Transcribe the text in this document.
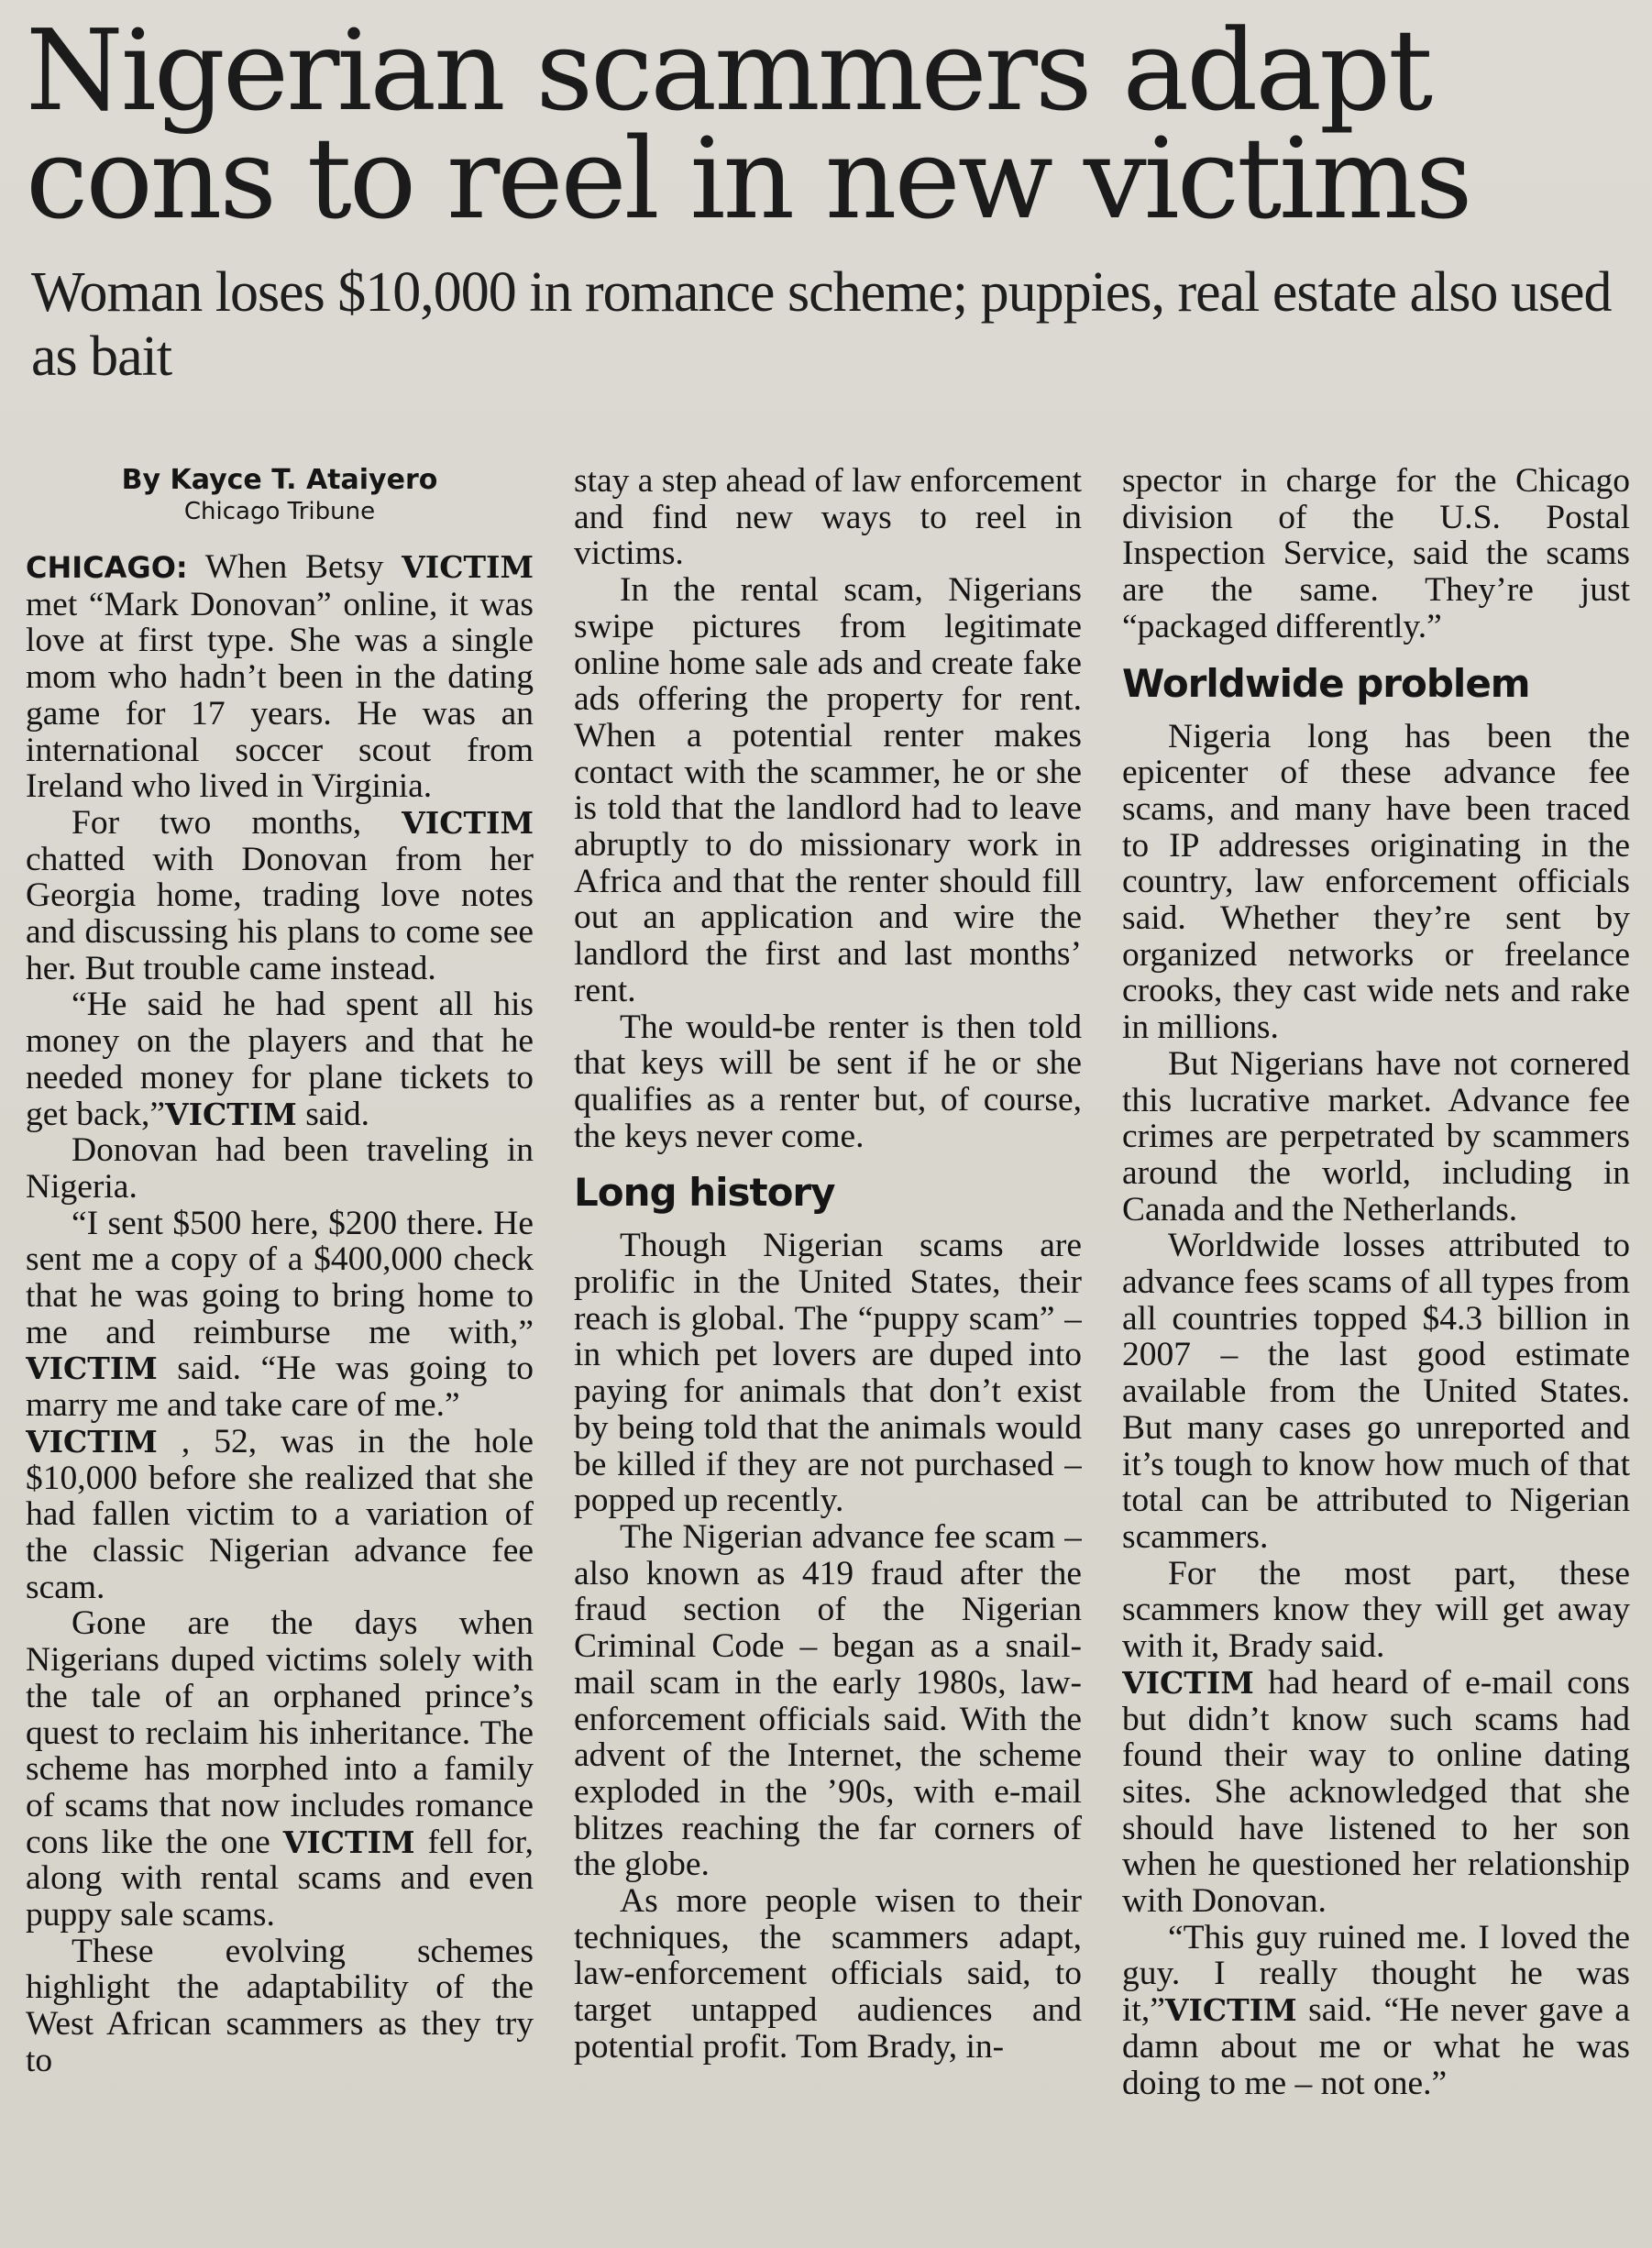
Nigerian scammers adapt cons to reel in new victims
Woman loses $10,000 in romance scheme; puppies, real estate also used as bait
By Kayce T. Ataiyero
Chicago Tribune

CHICAGO: When Betsy VICTIM met “Mark Donovan” online, it was love at first type. She was a single mom who hadn’t been in the dating game for 17 years. He was an international soccer scout from Ireland who lived in Virginia.

For two months, VICTIM chatted with Donovan from her Georgia home, trading love notes and discussing his plans to come see her. But trouble came instead.

“He said he had spent all his money on the players and that he needed money for plane tickets to get back,”VICTIM said.

Donovan had been traveling in Nigeria.

“I sent $500 here, $200 there. He sent me a copy of a $400,000 check that he was going to bring home to me and reimburse me with,” VICTIM said. “He was going to marry me and take care of me.”

VICTIM , 52, was in the hole $10,000 before she realized that she had fallen victim to a variation of the classic Nigerian advance fee scam.

Gone are the days when Nigerians duped victims solely with the tale of an orphaned prince’s quest to reclaim his inheritance. The scheme has morphed into a family of scams that now includes romance cons like the one VICTIM fell for, along with rental scams and even puppy sale scams.

These evolving schemes highlight the adaptability of the West African scammers as they try to

stay a step ahead of law enforcement and find new ways to reel in victims.

In the rental scam, Nigerians swipe pictures from legitimate online home sale ads and create fake ads offering the property for rent. When a potential renter makes contact with the scammer, he or she is told that the landlord had to leave abruptly to do missionary work in Africa and that the renter should fill out an application and wire the landlord the first and last months’ rent.

The would-be renter is then told that keys will be sent if he or she qualifies as a renter but, of course, the keys never come.

Long history

Though Nigerian scams are prolific in the United States, their reach is global. The “puppy scam” – in which pet lovers are duped into paying for animals that don’t exist by being told that the animals would be killed if they are not purchased – popped up recently.

The Nigerian advance fee scam – also known as 419 fraud after the fraud section of the Nigerian Criminal Code – began as a snail-mail scam in the early 1980s, law-enforcement officials said. With the advent of the Internet, the scheme exploded in the ’90s, with e-mail blitzes reaching the far corners of the globe.

As more people wisen to their techniques, the scammers adapt, law-enforcement officials said, to target untapped audiences and potential profit. Tom Brady, in-

spector in charge for the Chicago division of the U.S. Postal Inspection Service, said the scams are the same. They’re just “packaged differently.”

Worldwide problem

Nigeria long has been the epicenter of these advance fee scams, and many have been traced to IP addresses originating in the country, law enforcement officials said. Whether they’re sent by organized networks or freelance crooks, they cast wide nets and rake in millions.

But Nigerians have not cornered this lucrative market. Advance fee crimes are perpetrated by scammers around the world, including in Canada and the Netherlands.

Worldwide losses attributed to advance fees scams of all types from all countries topped $4.3 billion in 2007 – the last good estimate available from the United States. But many cases go unreported and it’s tough to know how much of that total can be attributed to Nigerian scammers.

For the most part, these scammers know they will get away with it, Brady said.

VICTIM had heard of e-mail cons but didn’t know such scams had found their way to online dating sites. She acknowledged that she should have listened to her son when he questioned her relationship with Donovan.

“This guy ruined me. I loved the guy. I really thought he was it,”VICTIM said. “He never gave a damn about me or what he was doing to me – not one.”
